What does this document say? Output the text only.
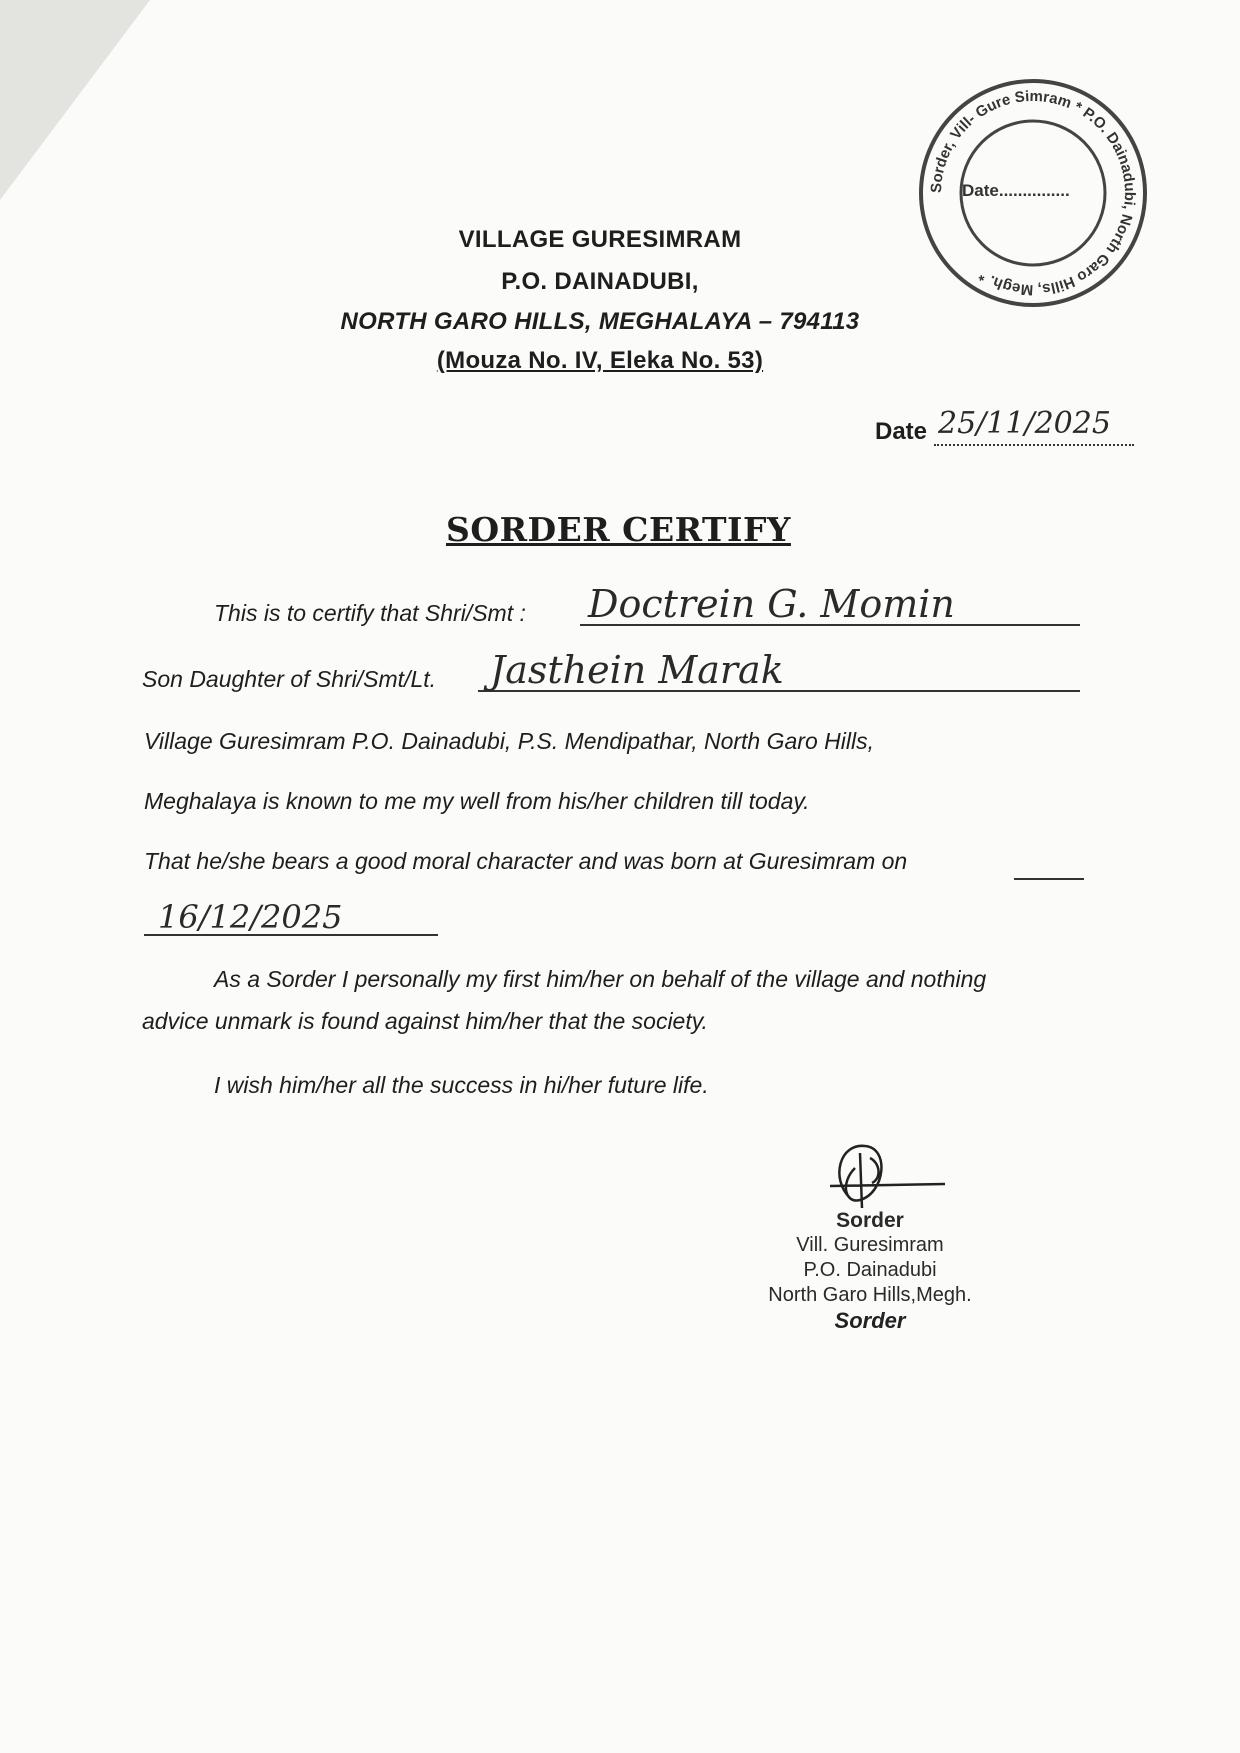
VILLAGE GURESIMRAM
P.O. DAINADUBI,
NORTH GARO HILLS, MEGHALAYA – 794113
(Mouza No. IV, Eleka No. 53)
Sorder, Vill- Gure Simram * P.O. Dainadubi, North Garo Hills, Megh. *
Date...............
Date 25/11/2025
SORDER CERTIFY
This is to certify that Shri/Smt : Doctrein G. Momin
Son Daughter of Shri/Smt/Lt. Jasthein Marak
Village Guresimram P.O. Dainadubi, P.S. Mendipathar, North Garo Hills,
Meghalaya is known to me my well from his/her children till today.
That he/she bears a good moral character and was born at Guresimram on
16/12/2025
As a Sorder I personally my first him/her on behalf of the village and nothing
advice unmark is found against him/her that the society.
I wish him/her all the success in hi/her future life.
Sorder
Vill. Guresimram
P.O. Dainadubi
North Garo Hills,Megh.
Sorder
